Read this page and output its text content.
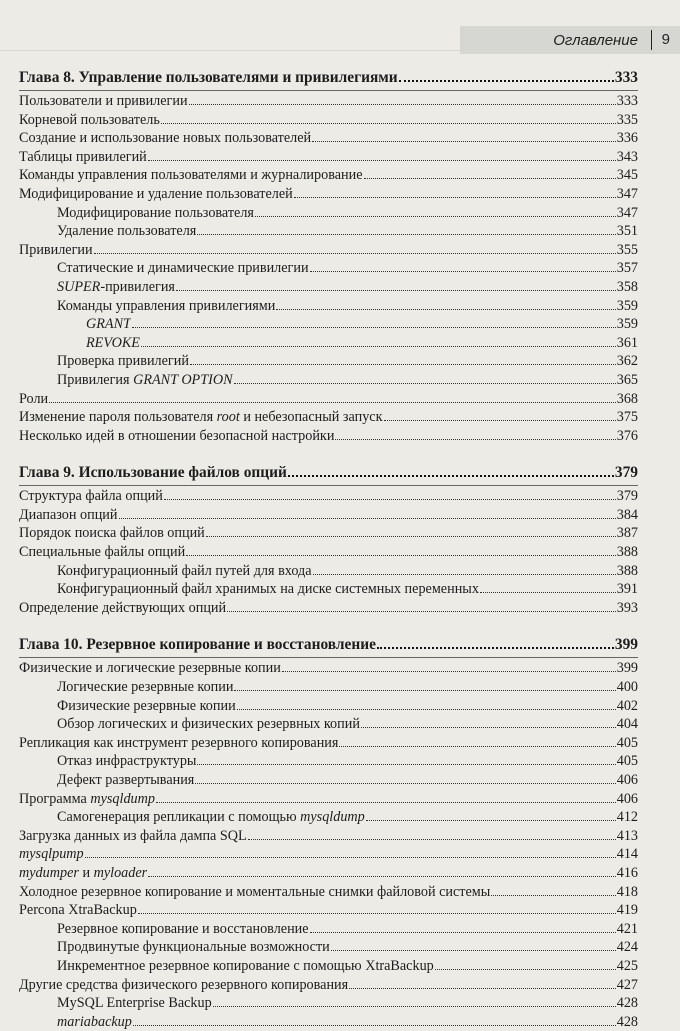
Оглавление 9
Глава 8. Управление пользователями и привилегиями	333
Пользователи и привилегии	333
Корневой пользователь	335
Создание и использование новых пользователей	336
Таблицы привилегий	343
Команды управления пользователями и журналирование	345
Модифицирование и удаление пользователей	347
Модифицирование пользователя	347
Удаление пользователя	351
Привилегии	355
Статические и динамические привилегии	357
SUPER-привилегия	358
Команды управления привилегиями	359
GRANT	359
REVOKE	361
Проверка привилегий	362
Привилегия GRANT OPTION	365
Роли	368
Изменение пароля пользователя root и небезопасный запуск	375
Несколько идей в отношении безопасной настройки	376
Глава 9. Использование файлов опций	379
Структура файла опций	379
Диапазон опций	384
Порядок поиска файлов опций	387
Специальные файлы опций	388
Конфигурационный файл путей для входа	388
Конфигурационный файл хранимых на диске системных переменных	391
Определение действующих опций	393
Глава 10. Резервное копирование и восстановление	399
Физические и логические резервные копии	399
Логические резервные копии	400
Физические резервные копии	402
Обзор логических и физических резервных копий	404
Репликация как инструмент резервного копирования	405
Отказ инфраструктуры	405
Дефект развертывания	406
Программа mysqldump	406
Самогенерация репликации с помощью mysqldump	412
Загрузка данных из файла дампа SQL	413
mysqlpump	414
mydumper и myloader	416
Холодное резервное копирование и моментальные снимки файловой системы	418
Percona XtraBackup	419
Резервное копирование и восстановление	421
Продвинутые функциональные возможности	424
Инкрементное резервное копирование с помощью XtraBackup	425
Другие средства физического резервного копирования	427
MySQL Enterprise Backup	428
mariabackup	428
